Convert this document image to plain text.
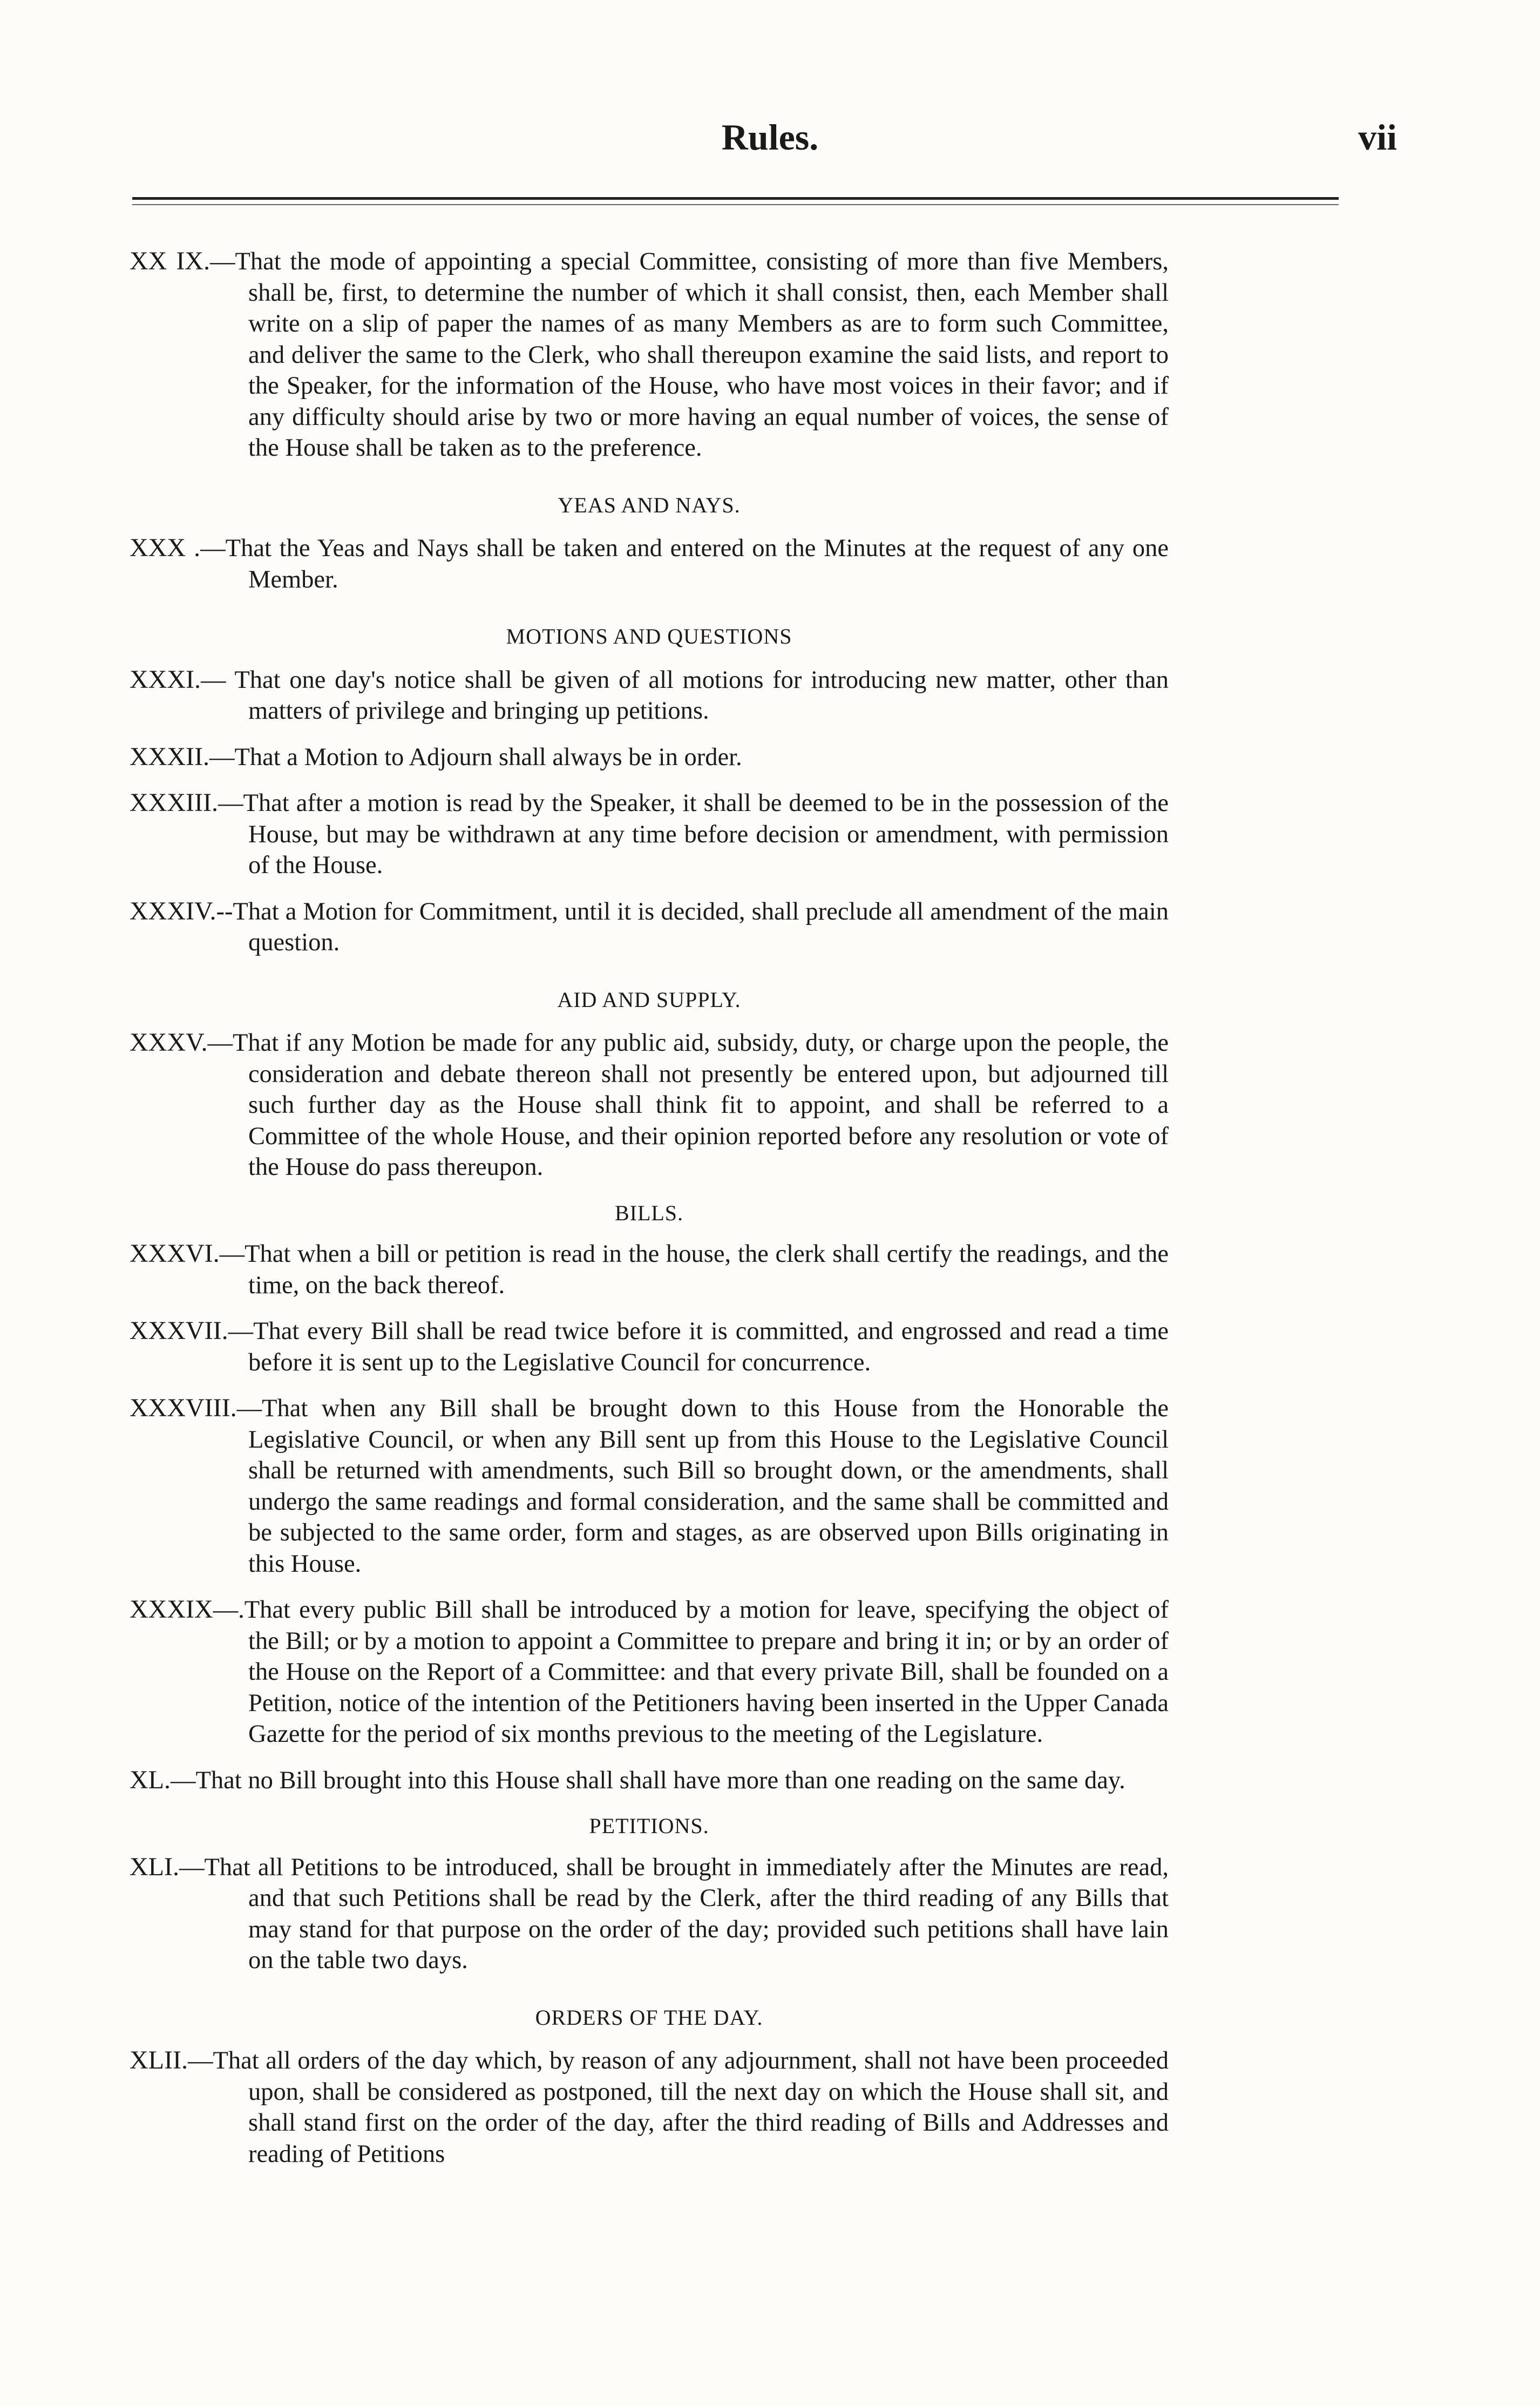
Rules.	vii

XX IX.—That the mode of appointing a special Committee, consisting of more than five Members, shall be, first, to determine the number of which it shall consist, then, each Member shall write on a slip of paper the names of as many Members as are to form such Committee, and deliver the same to the Clerk, who shall thereupon examine the said lists, and report to the Speaker, for the information of the House, who have most voices in their favor; and if any difficulty should arise by two or more having an equal number of voices, the sense of the House shall be taken as to the preference.

YEAS AND NAYS.

XXX .—That the Yeas and Nays shall be taken and entered on the Minutes at the request of any one Member.

MOTIONS AND QUESTIONS

XXXI.— That one day's notice shall be given of all motions for introducing new matter, other than matters of privilege and bringing up petitions.

XXXII.—That a Motion to Adjourn shall always be in order.

XXXIII.—That after a motion is read by the Speaker, it shall be deemed to be in the possession of the House, but may be withdrawn at any time before decision or amendment, with permission of the House.

XXXIV.--That a Motion for Commitment, until it is decided, shall preclude all amendment of the main question.

AID AND SUPPLY.

XXXV.—That if any Motion be made for any public aid, subsidy, duty, or charge upon the people, the consideration and debate thereon shall not presently be entered upon, but adjourned till such further day as the House shall think fit to appoint, and shall be referred to a Committee of the whole House, and their opinion reported before any resolution or vote of the House do pass thereupon.

BILLS.

XXXVI.—That when a bill or petition is read in the house, the clerk shall certify the readings, and the time, on the back thereof.

XXXVII.—That every Bill shall be read twice before it is committed, and engrossed and read a time before it is sent up to the Legislative Council for concurrence.

XXXVIII.—That when any Bill shall be brought down to this House from the Honorable the Legislative Council, or when any Bill sent up from this House to the Legislative Council shall be returned with amendments, such Bill so brought down, or the amendments, shall undergo the same readings and formal consideration, and the same shall be committed and be subjected to the same order, form and stages, as are observed upon Bills originating in this House.

XXXIX—.That every public Bill shall be introduced by a motion for leave, specifying the object of the Bill; or by a motion to appoint a Committee to prepare and bring it in; or by an order of the House on the Report of a Committee: and that every private Bill, shall be founded on a Petition, notice of the intention of the Petitioners having been inserted in the Upper Canada Gazette for the period of six months previous to the meeting of the Legislature.

XL.—That no Bill brought into this House shall shall have more than one reading on the same day.

PETITIONS.

XLI.—That all Petitions to be introduced, shall be brought in immediately after the Minutes are read, and that such Petitions shall be read by the Clerk, after the third reading of any Bills that may stand for that purpose on the order of the day; provided such petitions shall have lain on the table two days.

ORDERS OF THE DAY.

XLII.—That all orders of the day which, by reason of any adjournment, shall not have been proceeded upon, shall be considered as postponed, till the next day on which the House shall sit, and shall stand first on the order of the day, after the third reading of Bills and Addresses and reading of Petitions
